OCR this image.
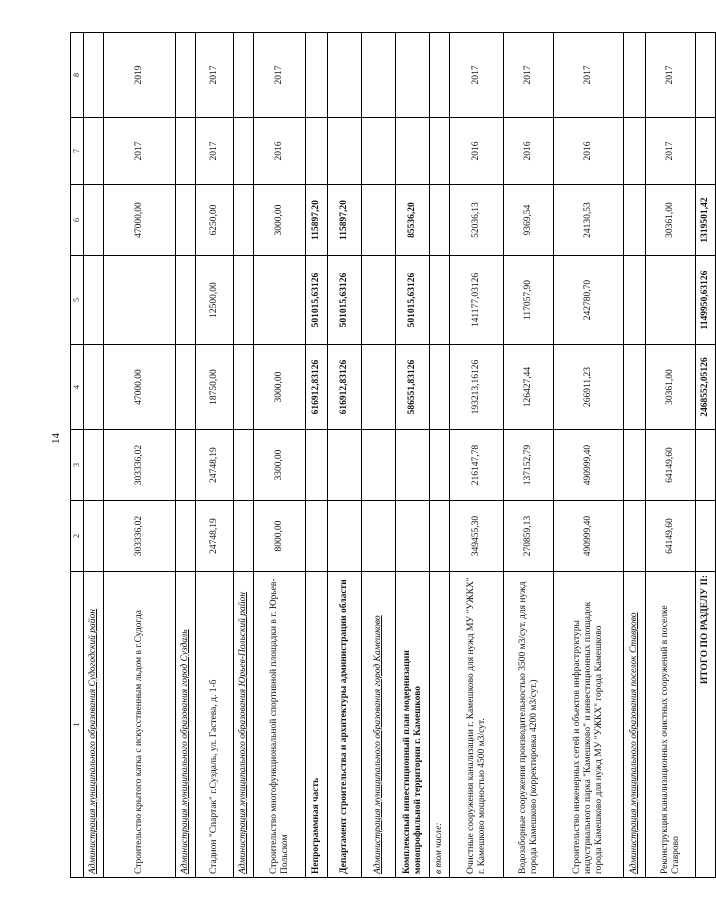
14
1	2	3	4	5	6	7	8
Администрация муниципального образования Судогодский район							
Строительство крытого катка с искусственным льдом в г.Судогда	303336,02	303336,02	47000,00		47000,00	2017	2019
Администрация муниципального образования город Суздаль							
Стадион "Спартак" г.Суздаль, ул. Гастева, д. 1-б	24748,19	24748,19	18750,00	12500,00	6250,00	2017	2017
Администрация муниципального образования Юрьев-Польский район							
Строительство многофункциональной спортивной площадки в г. Юрьев-Польском	8000,00	3300,00	3000,00		3000,00	2016	2017
Непрограммная часть			616912,83126	501015,63126	115897,20		
Департамент строительства и архитектуры администрации области			616912,83126	501015,63126	115897,20		
Администрация муниципального образования город Камешково							
Комплексный инвестиционный план модернизации монопрофильной территории г. Камешково			586551,83126	501015,63126	85536,20		
в том числе:							
Очистные сооружения канализации г. Камешково для нужд МУ "УЖКХ" г. Камешково мощностью 4500 м3/сут.	349455,30	216147,78	193213,16126	141177,03126	52036,13	2016	2017
Водозаборные сооружения производительностью 3500 м3/сут. для нужд города Камешково (корректировка 4200 м3/сут.)	270859,13	137152,79	126427,44	117057,90	9369,54	2016	2017
Строительство инженерных сетей и объектов инфраструктуры индустриального парка "Камешково" и инвестиционных площадок города Камешково для нужд МУ "УЖКХ" города Камешково	490999,40	490999,40	266911,23	242780,70	24130,53	2016	2017
Администрация муниципального образования поселок Ставрово							
Реконструкция канализационных очистных сооружений в поселке Ставрово	64149,60	64149,60	30361,00		30361,00	2017	2017
ИТОГО ПО РАЗДЕЛУ II:			2468552,05126	1149950,63126	1319501,42		
